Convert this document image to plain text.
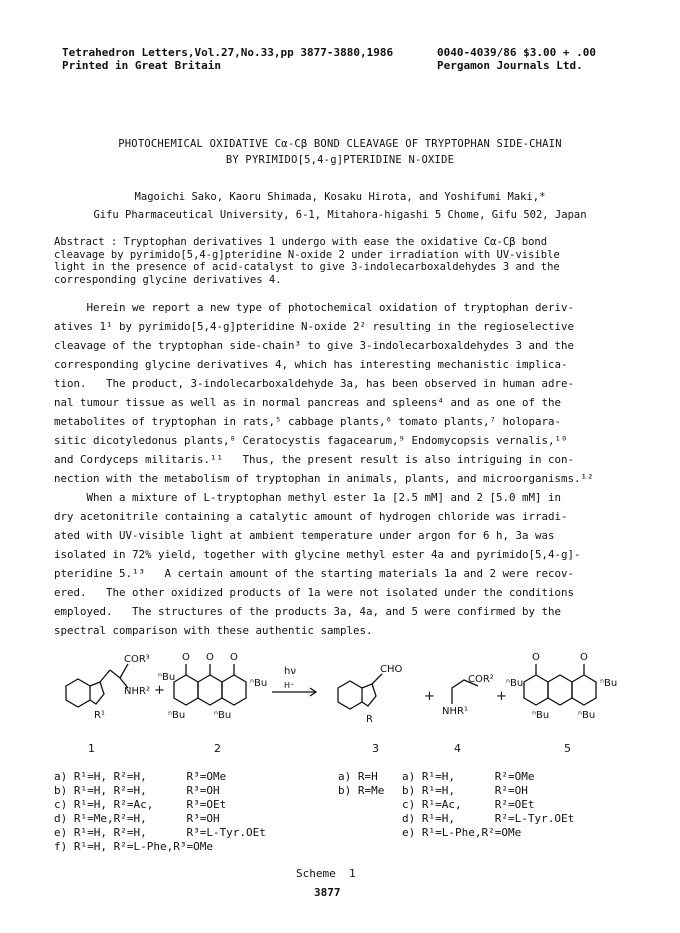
Tetrahedron Letters,Vol.27,No.33,pp 3877-3880,1986
Printed in Great Britain
0040-4039/86 $3.00 + .00
Pergamon Journals Ltd.
PHOTOCHEMICAL OXIDATIVE Cα-Cβ BOND CLEAVAGE OF TRYPTOPHAN SIDE-CHAIN
BY PYRIMIDO[5,4-g]PTERIDINE N-OXIDE
Magoichi Sako, Kaoru Shimada, Kosaku Hirota, and Yoshifumi Maki,*
Gifu Pharmaceutical University, 6-1, Mitahora-higashi 5 Chome, Gifu 502, Japan
Abstract : Tryptophan derivatives 1 undergo with ease the oxidative Cα-Cβ bond
cleavage by pyrimido[5,4-g]pteridine N-oxide 2 under irradiation with UV-visible
light in the presence of acid-catalyst to give 3-indolecarboxaldehydes 3 and the
corresponding glycine derivatives 4.
Herein we report a new type of photochemical oxidation of tryptophan deriv-
atives 1¹ by pyrimido[5,4-g]pteridine N-oxide 2² resulting in the regioselective
cleavage of the tryptophan side-chain³ to give 3-indolecarboxaldehydes 3 and the
corresponding glycine derivatives 4, which has interesting mechanistic implica-
tion.   The product, 3-indolecarboxaldehyde 3a, has been observed in human adre-
nal tumour tissue as well as in normal pancreas and spleens⁴ and as one of the
metabolites of tryptophan in rats,⁵ cabbage plants,⁶ tomato plants,⁷ holopara-
sitic dicotyledonus plants,⁸ Ceratocystis fagacearum,⁹ Endomycopsis vernalis,¹⁰
and Cordyceps militaris.¹¹   Thus, the present result is also intriguing in con-
nection with the metabolism of tryptophan in animals, plants, and microorganisms.¹²
When a mixture of L-tryptophan methyl ester 1a [2.5 mM] and 2 [5.0 mM] in
dry acetonitrile containing a catalytic amount of hydrogen chloride was irradi-
ated with UV-visible light at ambient temperature under argon for 6 h, 3a was
isolated in 72% yield, together with glycine methyl ester 4a and pyrimido[5,4-g]-
pteridine 5.¹³   A certain amount of the starting materials 1a and 2 were recov-
ered.   The other oxidized products of 1a were not isolated under the conditions
employed.   The structures of the products 3a, 4a, and 5 were confirmed by the
spectral comparison with these authentic samples.
COR³
NHR²
R¹
+
O O O
ⁿBu
ⁿBu
ⁿBu	ⁿBu
hν
H⁺
CHO
R
+
COR²
NHR¹
+
O	O
ⁿBu	ⁿBu
ⁿBu	ⁿBu
1	2	3	4	5
a) R¹=H, R²=H,      R³=OMe
b) R¹=H, R²=H,      R³=OH
c) R¹=H, R²=Ac,     R³=OEt
d) R¹=Me,R²=H,      R³=OH
e) R¹=H, R²=H,      R³=L-Tyr.OEt
f) R¹=H, R²=L-Phe,R³=OMe
a) R=H
b) R=Me
a) R¹=H,      R²=OMe
b) R¹=H,      R²=OH
c) R¹=Ac,     R²=OEt
d) R¹=H,      R²=L-Tyr.OEt
e) R¹=L-Phe,R²=OMe
Scheme  1
3877
